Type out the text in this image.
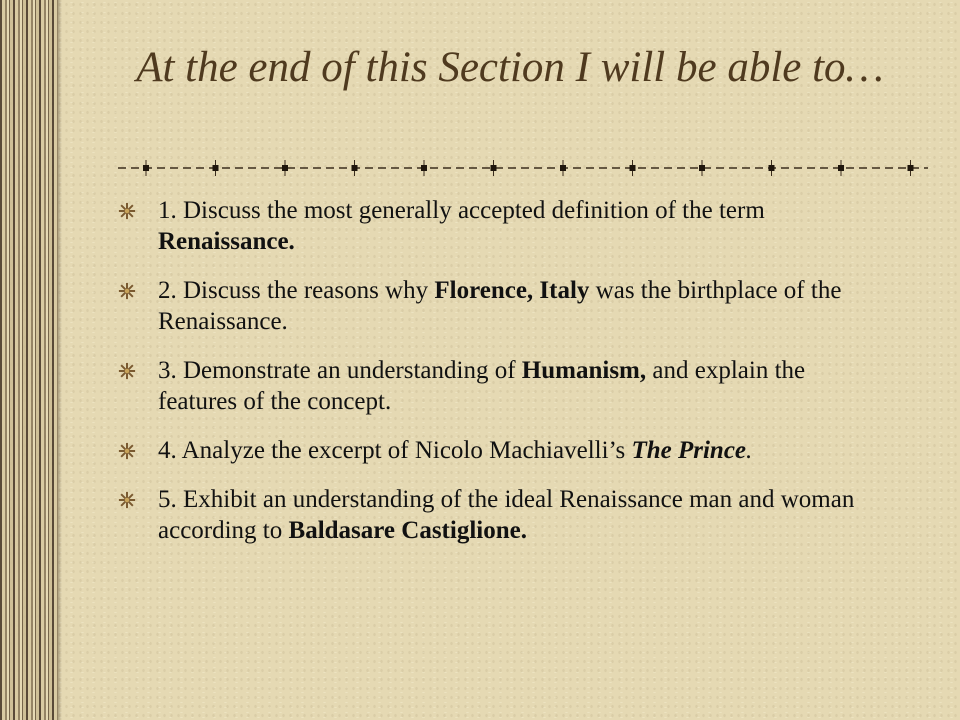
At the end of this Section I will be able to…
1. Discuss the most generally accepted definition of the term Renaissance.
2. Discuss the reasons why Florence, Italy was the birthplace of the Renaissance.
3. Demonstrate an understanding of Humanism, and explain the features of the concept.
4. Analyze the excerpt of Nicolo Machiavelli’s The Prince.
5. Exhibit an understanding of the ideal Renaissance man and woman according to Baldasare Castiglione.
